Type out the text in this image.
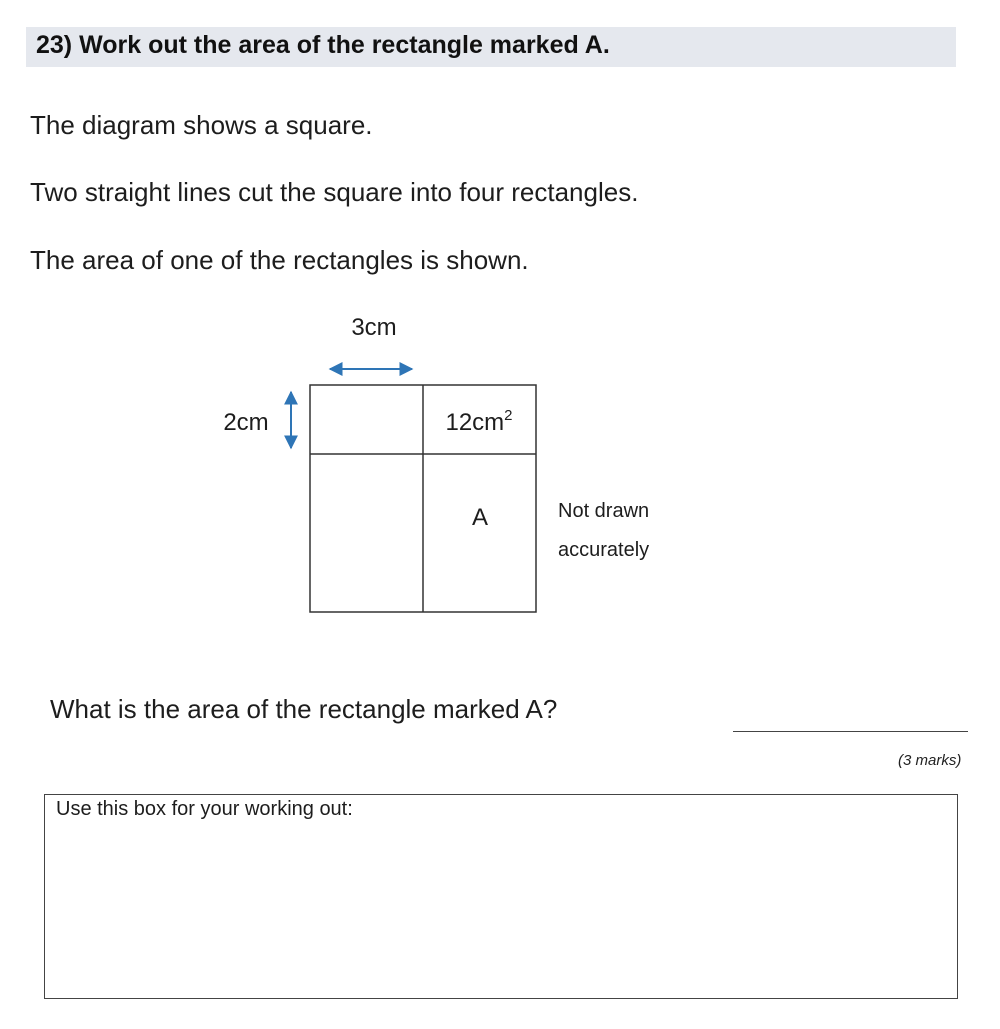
23) Work out the area of the rectangle marked A.
The diagram shows a square.
Two straight lines cut the square into four rectangles.
The area of one of the rectangles is shown.
3cm
2cm	$12cm^2$
A	Not drawn
accurately
What is the area of the rectangle marked A?
(3 marks)
Use this box for your working out:
